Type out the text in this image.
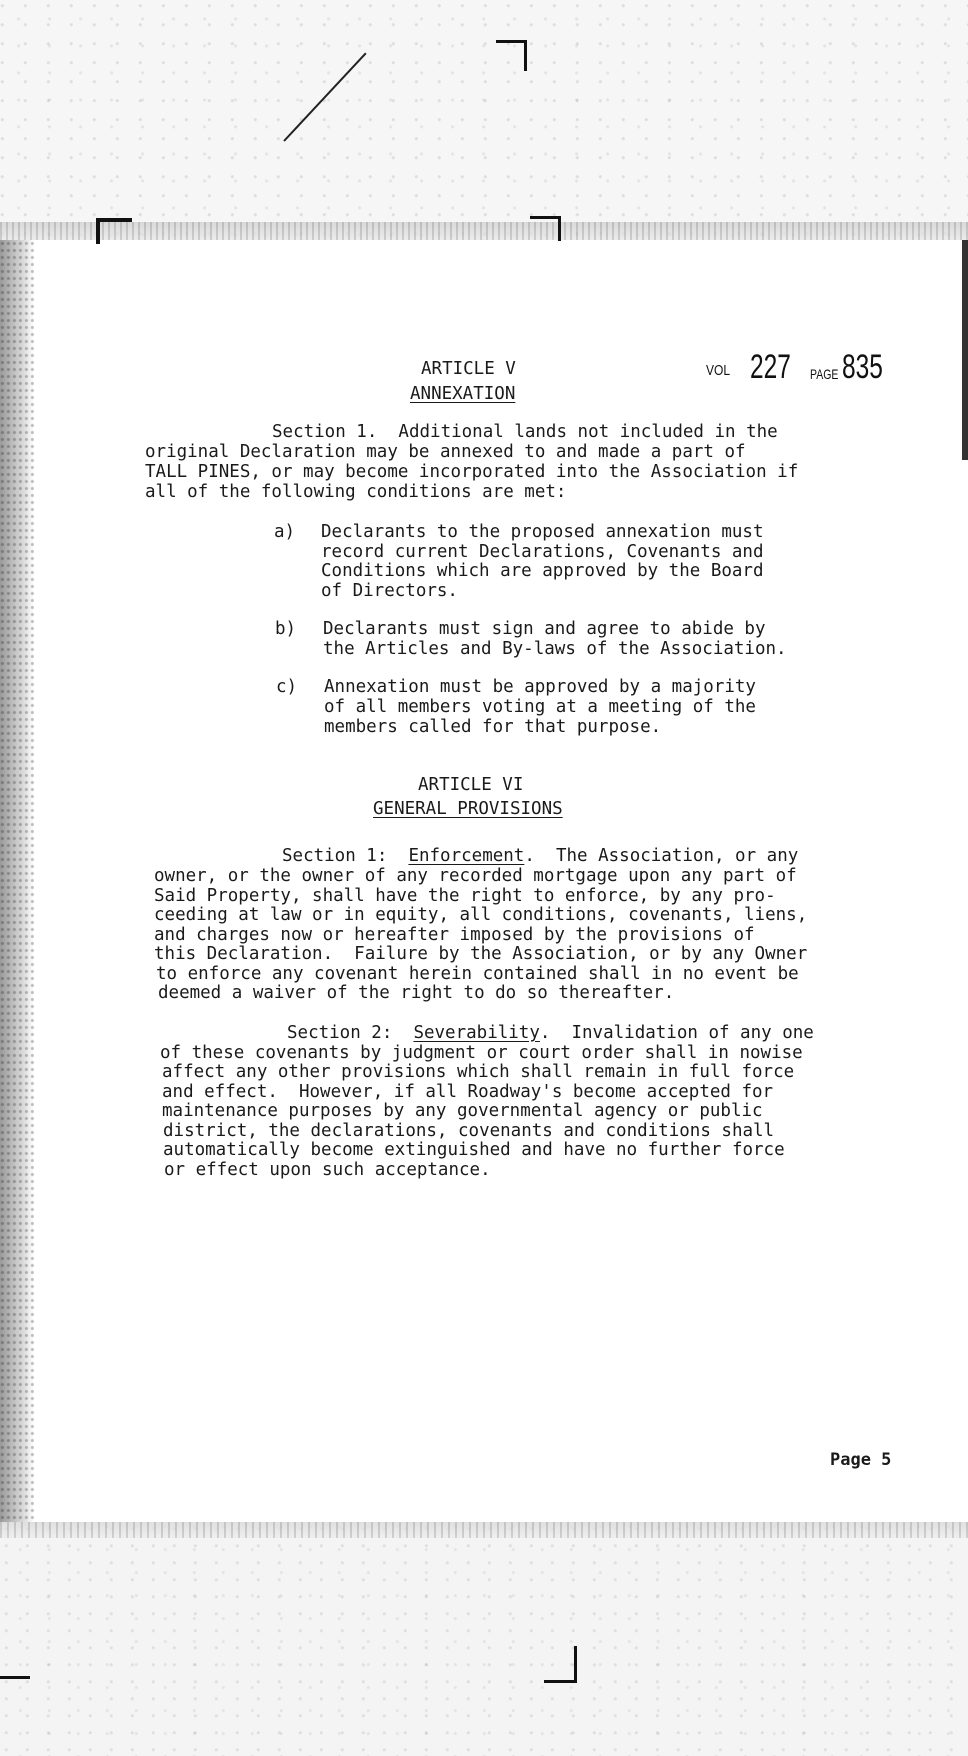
VOL 227 PAGE 835
ARTICLE V
ANNEXATION
Section 1.  Additional lands not included in the
original Declaration may be annexed to and made a part of
TALL PINES, or may become incorporated into the Association if
all of the following conditions are met:
a) Declarants to the proposed annexation must
record current Declarations, Covenants and
Conditions which are approved by the Board
of Directors.
b) Declarants must sign and agree to abide by
the Articles and By-laws of the Association.
c) Annexation must be approved by a majority
of all members voting at a meeting of the
members called for that purpose.
ARTICLE VI
GENERAL PROVISIONS
Section 1:  Enforcement.  The Association, or any
owner, or the owner of any recorded mortgage upon any part of
Said Property, shall have the right to enforce, by any pro-
ceeding at law or in equity, all conditions, covenants, liens,
and charges now or hereafter imposed by the provisions of
this Declaration.  Failure by the Association, or by any Owner
to enforce any covenant herein contained shall in no event be
deemed a waiver of the right to do so thereafter.
Section 2:  Severability.  Invalidation of any one
of these covenants by judgment or court order shall in nowise
affect any other provisions which shall remain in full force
and effect.  However, if all Roadway's become accepted for
maintenance purposes by any governmental agency or public
district, the declarations, covenants and conditions shall
automatically become extinguished and have no further force
or effect upon such acceptance.
Page 5
